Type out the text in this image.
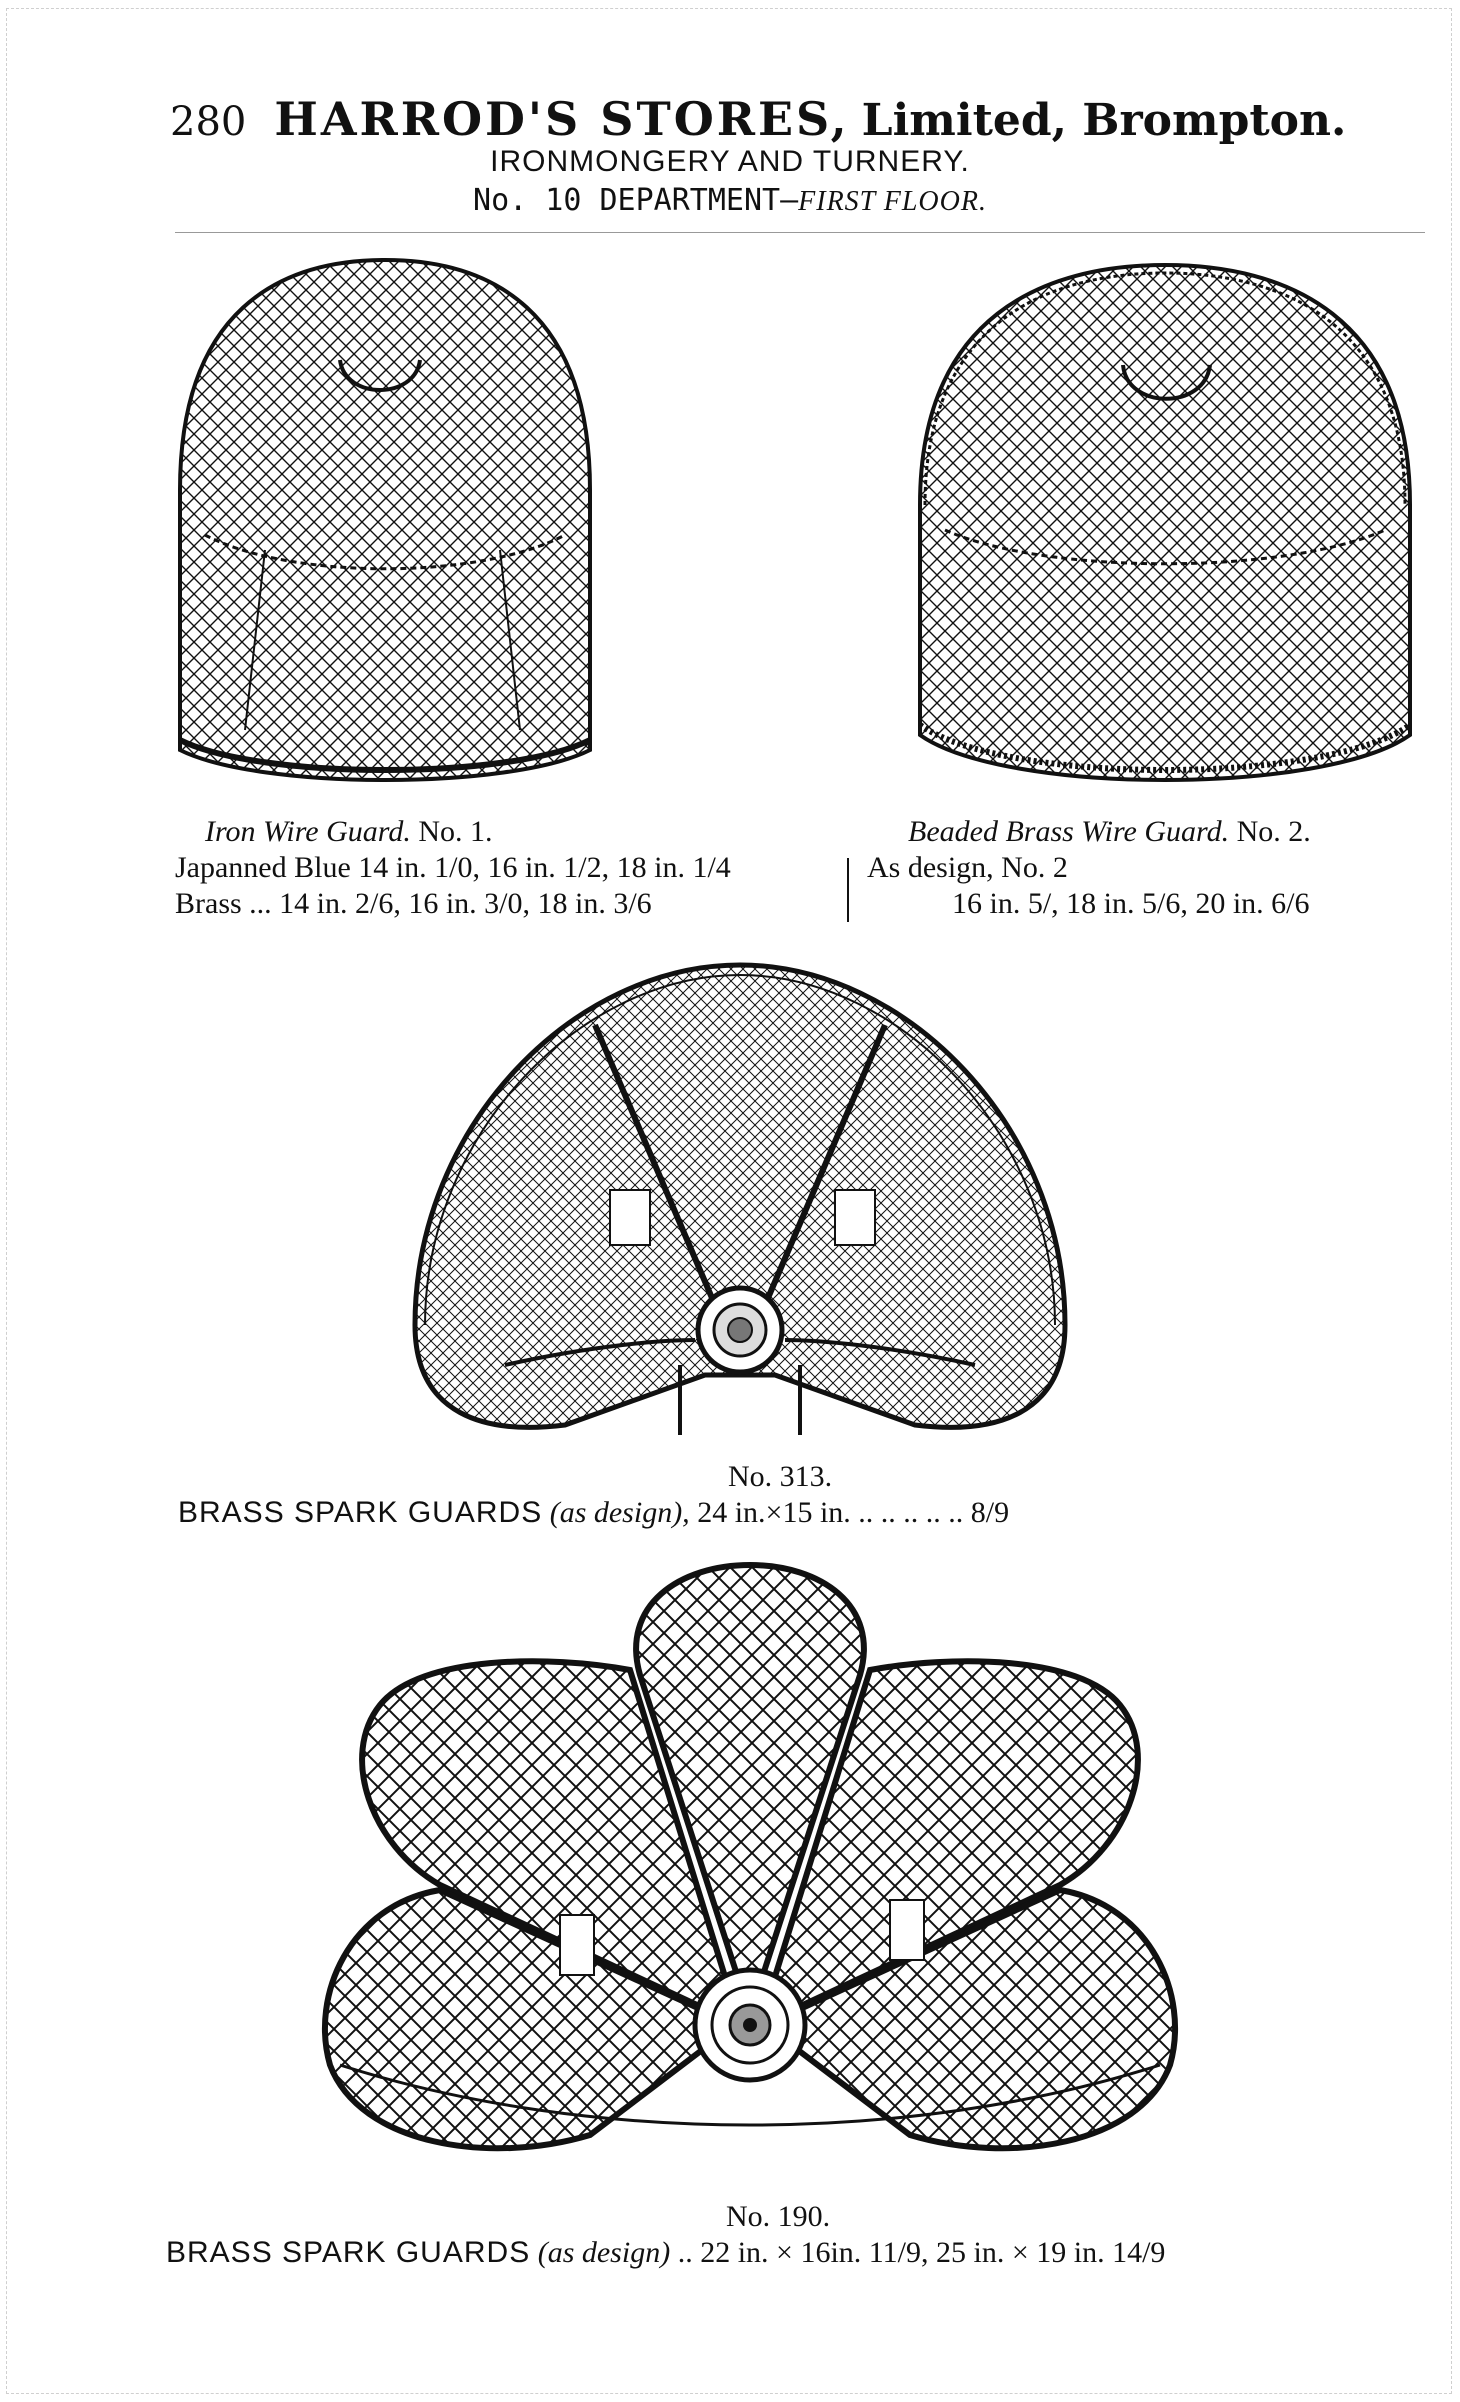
280 HARROD'S STORES, Limited, Brompton.
IRONMONGERY AND TURNERY.
No. 10 DEPARTMENT—FIRST FLOOR.
Iron Wire Guard. No. 1.
Japanned Blue 14 in. 1/0, 16 in. 1/2, 18 in. 1/4
Brass ... 14 in. 2/6, 16 in. 3/0, 18 in. 3/6
Beaded Brass Wire Guard. No. 2.
As design, No. 2
16 in. 5/, 18 in. 5/6, 20 in. 6/6
No. 313.
BRASS SPARK GUARDS (as design), 24 in.×15 in. .. .. .. .. .. 8/9
No. 190.
BRASS SPARK GUARDS (as design) .. 22 in. × 16in. 11/9, 25 in. × 19 in. 14/9
